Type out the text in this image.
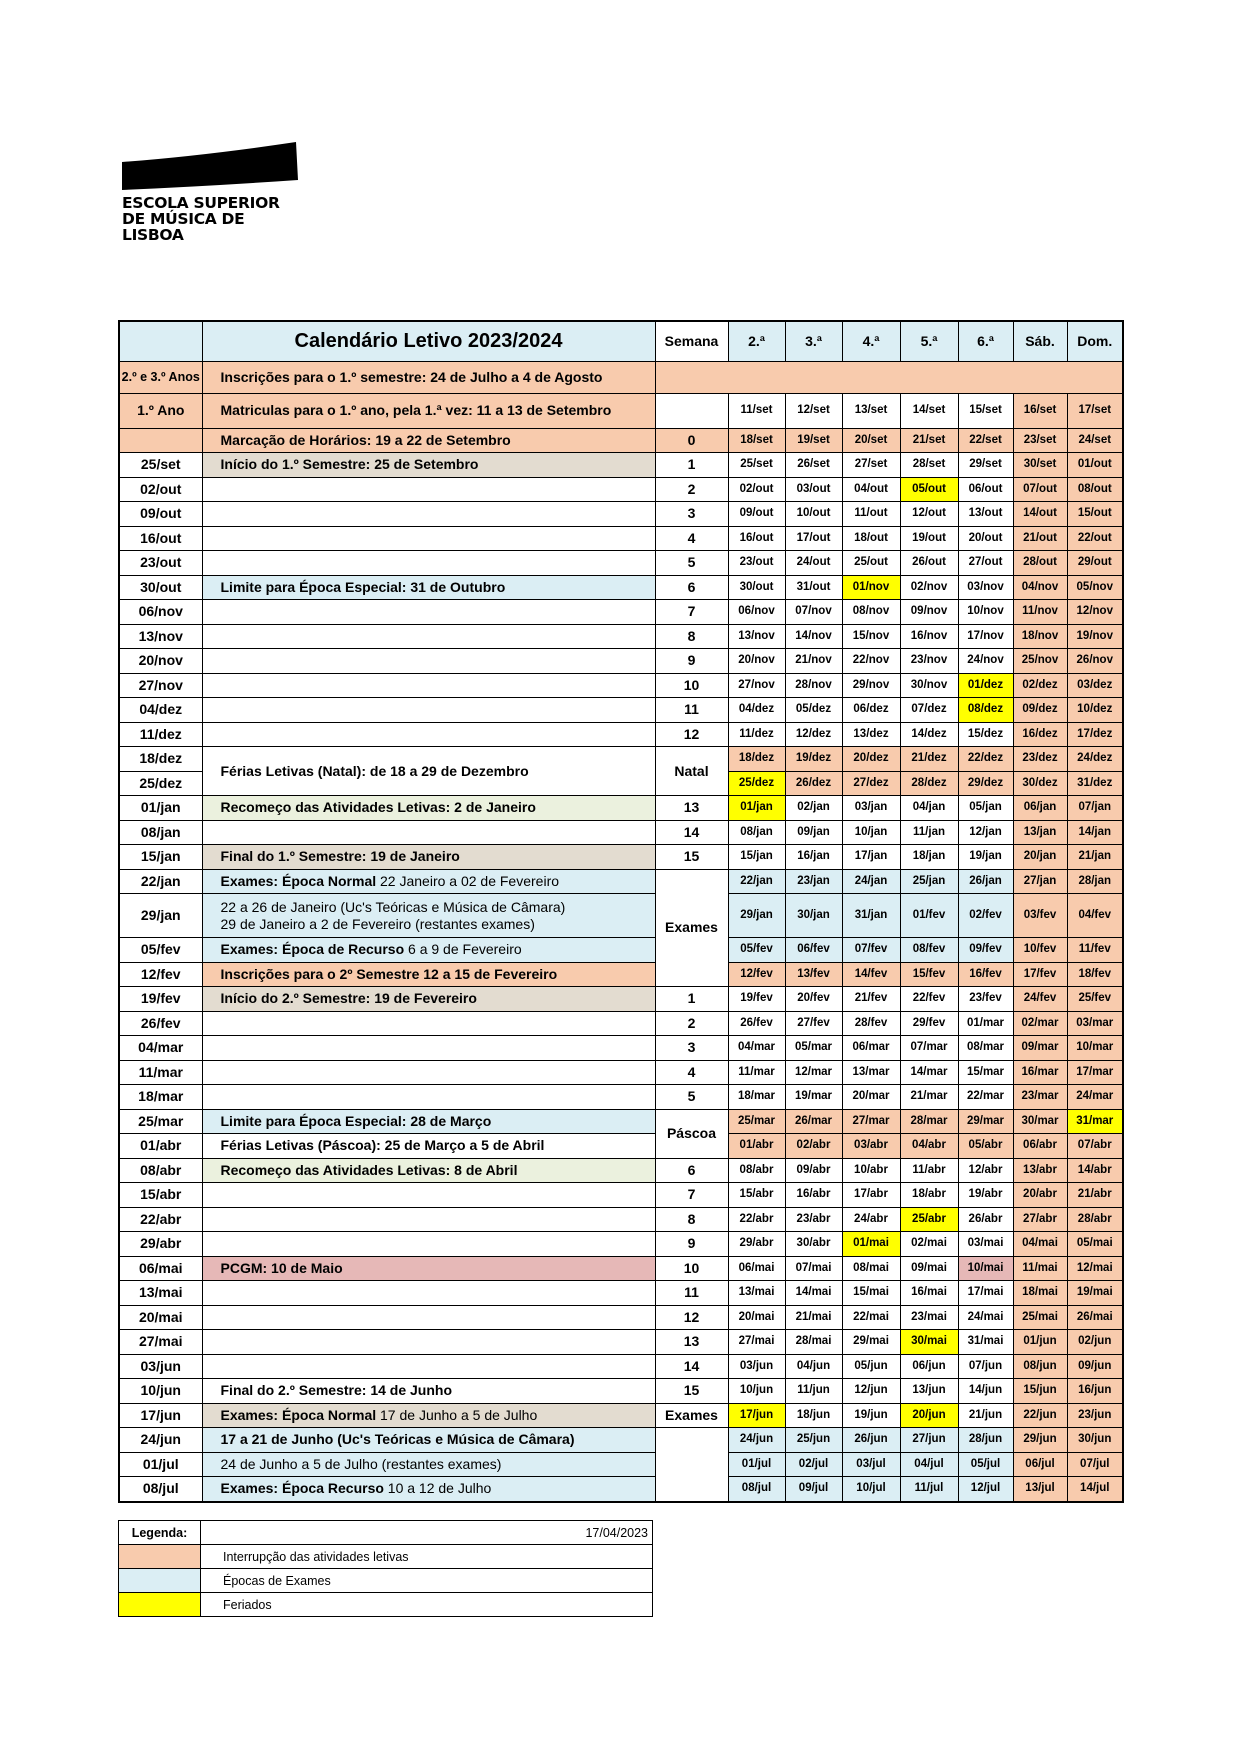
ESCOLA SUPERIOR
DE MÚSICA DE LISBOA
	Calendário Letivo 2023/2024	Semana	2.ª	3.ª	4.ª	5.ª	6.ª	Sáb.	Dom.
2.º e 3.º Anos	Inscrições para o 1.º semestre: 24 de Julho a 4 de Agosto								
1.º Ano	Matriculas para o 1.º ano, pela 1.ª vez: 11 a 13 de Setembro		11/set	12/set	13/set	14/set	15/set	16/set	17/set
	Marcação de Horários: 19 a 22 de Setembro	0	18/set	19/set	20/set	21/set	22/set	23/set	24/set
25/set	Início do 1.º Semestre: 25 de Setembro	1	25/set	26/set	27/set	28/set	29/set	30/set	01/out
02/out		2	02/out	03/out	04/out	05/out	06/out	07/out	08/out
09/out		3	09/out	10/out	11/out	12/out	13/out	14/out	15/out
16/out		4	16/out	17/out	18/out	19/out	20/out	21/out	22/out
23/out		5	23/out	24/out	25/out	26/out	27/out	28/out	29/out
30/out	Limite para Época Especial: 31 de Outubro	6	30/out	31/out	01/nov	02/nov	03/nov	04/nov	05/nov
06/nov		7	06/nov	07/nov	08/nov	09/nov	10/nov	11/nov	12/nov
13/nov		8	13/nov	14/nov	15/nov	16/nov	17/nov	18/nov	19/nov
20/nov		9	20/nov	21/nov	22/nov	23/nov	24/nov	25/nov	26/nov
27/nov		10	27/nov	28/nov	29/nov	30/nov	01/dez	02/dez	03/dez
04/dez		11	04/dez	05/dez	06/dez	07/dez	08/dez	09/dez	10/dez
11/dez		12	11/dez	12/dez	13/dez	14/dez	15/dez	16/dez	17/dez
18/dez	Férias Letivas (Natal): de 18 a 29 de Dezembro	Natal	18/dez	19/dez	20/dez	21/dez	22/dez	23/dez	24/dez
25/dez			25/dez	26/dez	27/dez	28/dez	29/dez	30/dez	31/dez
01/jan	Recomeço das Atividades Letivas: 2 de Janeiro	13	01/jan	02/jan	03/jan	04/jan	05/jan	06/jan	07/jan
08/jan		14	08/jan	09/jan	10/jan	11/jan	12/jan	13/jan	14/jan
15/jan	Final do 1.º Semestre: 19 de Janeiro	15	15/jan	16/jan	17/jan	18/jan	19/jan	20/jan	21/jan
22/jan	Exames: Época Normal 22 Janeiro a 02 de Fevereiro	Exames	22/jan	23/jan	24/jan	25/jan	26/jan	27/jan	28/jan
29/jan	22 a 26 de Janeiro (Uc's Teóricas e Música de Câmara)
29 de Janeiro a 2 de Fevereiro (restantes exames)		29/jan	30/jan	31/jan	01/fev	02/fev	03/fev	04/fev
05/fev	Exames: Época de Recurso 6 a 9 de Fevereiro		05/fev	06/fev	07/fev	08/fev	09/fev	10/fev	11/fev
12/fev	Inscrições para o 2º Semestre 12 a 15 de Fevereiro		12/fev	13/fev	14/fev	15/fev	16/fev	17/fev	18/fev
19/fev	Início do 2.º Semestre: 19 de Fevereiro	1	19/fev	20/fev	21/fev	22/fev	23/fev	24/fev	25/fev
26/fev		2	26/fev	27/fev	28/fev	29/fev	01/mar	02/mar	03/mar
04/mar		3	04/mar	05/mar	06/mar	07/mar	08/mar	09/mar	10/mar
11/mar		4	11/mar	12/mar	13/mar	14/mar	15/mar	16/mar	17/mar
18/mar		5	18/mar	19/mar	20/mar	21/mar	22/mar	23/mar	24/mar
25/mar	Limite para Época Especial: 28 de Março	Páscoa	25/mar	26/mar	27/mar	28/mar	29/mar	30/mar	31/mar
01/abr	Férias Letivas (Páscoa): 25 de Março a 5 de Abril		01/abr	02/abr	03/abr	04/abr	05/abr	06/abr	07/abr
08/abr	Recomeço das Atividades Letivas: 8 de Abril	6	08/abr	09/abr	10/abr	11/abr	12/abr	13/abr	14/abr
15/abr		7	15/abr	16/abr	17/abr	18/abr	19/abr	20/abr	21/abr
22/abr		8	22/abr	23/abr	24/abr	25/abr	26/abr	27/abr	28/abr
29/abr		9	29/abr	30/abr	01/mai	02/mai	03/mai	04/mai	05/mai
06/mai	PCGM: 10 de Maio	10	06/mai	07/mai	08/mai	09/mai	10/mai	11/mai	12/mai
13/mai		11	13/mai	14/mai	15/mai	16/mai	17/mai	18/mai	19/mai
20/mai		12	20/mai	21/mai	22/mai	23/mai	24/mai	25/mai	26/mai
27/mai		13	27/mai	28/mai	29/mai	30/mai	31/mai	01/jun	02/jun
03/jun		14	03/jun	04/jun	05/jun	06/jun	07/jun	08/jun	09/jun
10/jun	Final do 2.º Semestre: 14 de Junho	15	10/jun	11/jun	12/jun	13/jun	14/jun	15/jun	16/jun
17/jun	Exames: Época Normal 17 de Junho a 5 de Julho	Exames	17/jun	18/jun	19/jun	20/jun	21/jun	22/jun	23/jun
24/jun	17 a 21 de Junho (Uc's Teóricas e Música de Câmara)		24/jun	25/jun	26/jun	27/jun	28/jun	29/jun	30/jun
01/jul	24 de Junho a 5 de Julho (restantes exames)		01/jul	02/jul	03/jul	04/jul	05/jul	06/jul	07/jul
08/jul	Exames: Época Recurso 10 a 12 de Julho		08/jul	09/jul	10/jul	11/jul	12/jul	13/jul	14/jul
Legenda:	17/04/2023
	Interrupção das atividades letivas
	Épocas de Exames
	Feriados
